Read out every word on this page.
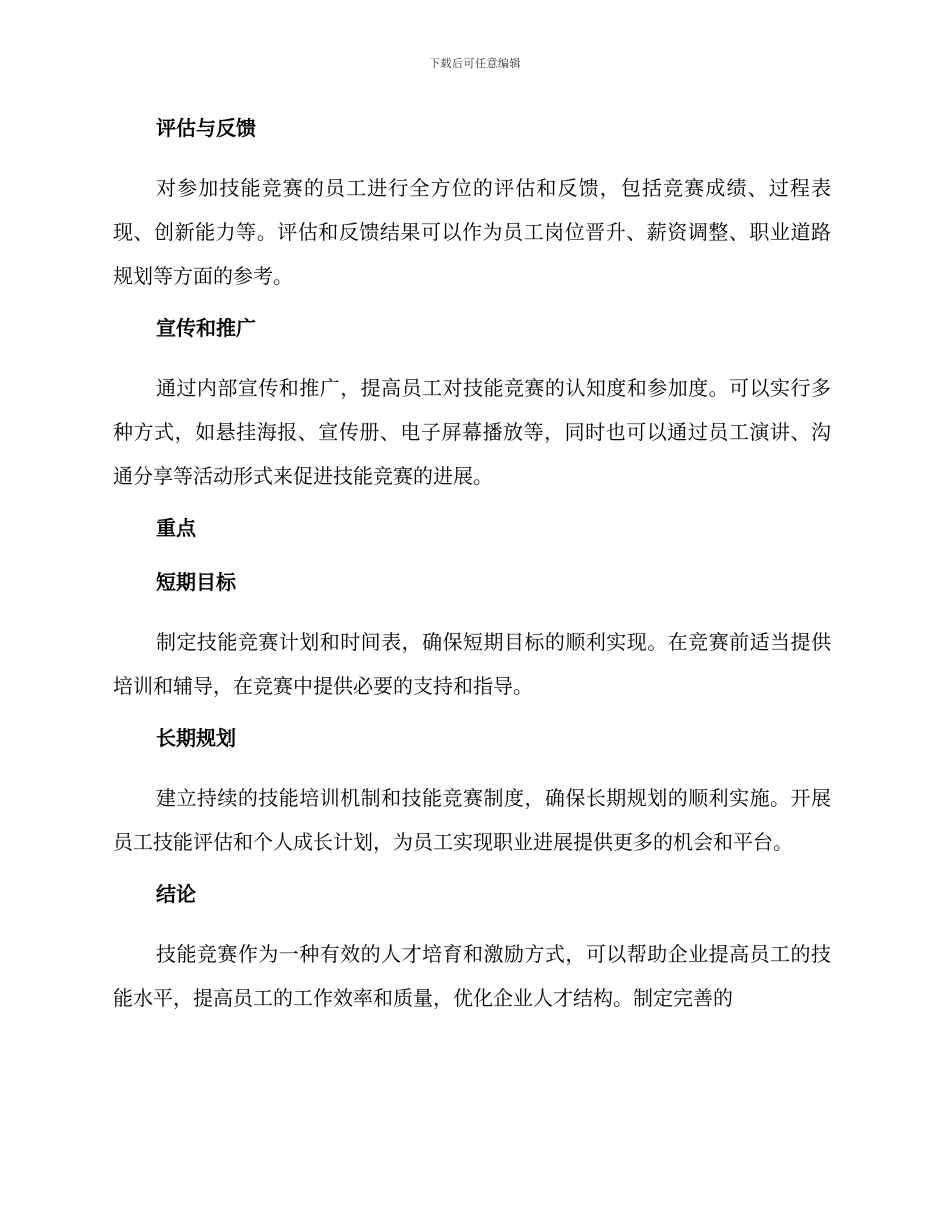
下载后可任意编辑
评估与反馈

对参加技能竞赛的员工进行全方位的评估和反馈，包括竞赛成绩、过程表现、创新能力等。评估和反馈结果可以作为员工岗位晋升、薪资调整、职业道路规划等方面的参考。

宣传和推广

通过内部宣传和推广，提高员工对技能竞赛的认知度和参加度。可以实行多种方式，如悬挂海报、宣传册、电子屏幕播放等，同时也可以通过员工演讲、沟通分享等活动形式来促进技能竞赛的进展。

重点
短期目标

制定技能竞赛计划和时间表，确保短期目标的顺利实现。在竞赛前适当提供培训和辅导，在竞赛中提供必要的支持和指导。

长期规划

建立持续的技能培训机制和技能竞赛制度，确保长期规划的顺利实施。开展员工技能评估和个人成长计划，为员工实现职业进展提供更多的机会和平台。

结论

技能竞赛作为一种有效的人才培育和激励方式，可以帮助企业提高员工的技能水平，提高员工的工作效率和质量，优化企业人才结构。制定完善的
